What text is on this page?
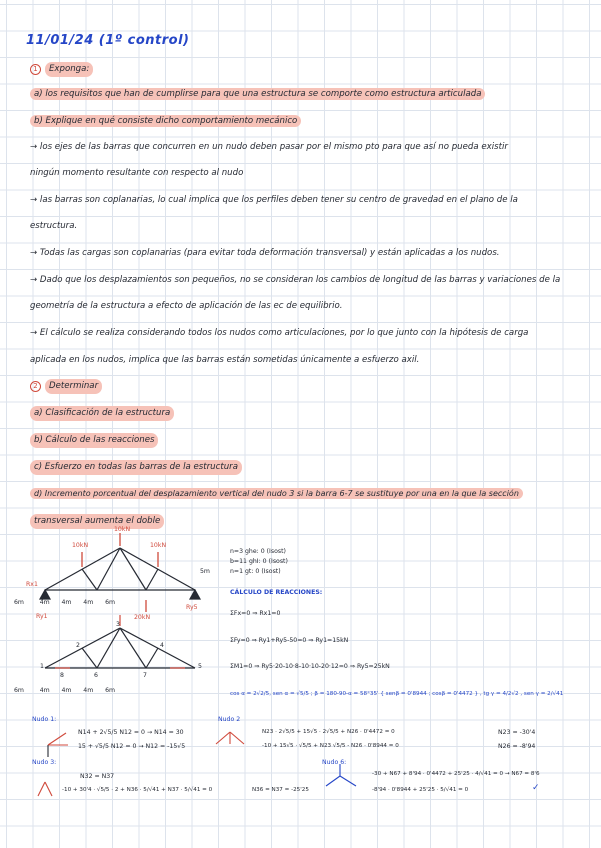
11/01/24 (1º control)
1 Exponga:
a) los requisitos que han de cumplirse para que una estructura se comporte como estructura articulada
b) Explique en qué consiste dicho comportamiento mecánico
→ los ejes de las barras que concurren en un nudo deben pasar por el mismo pto para que así no pueda existir
ningún momento resultante con respecto al nudo
→ las barras son coplanarias, lo cual implica que los perfiles deben tener su centro de gravedad en el plano de la
estructura.
→ Todas las cargas son coplanarias (para evitar toda deformación transversal) y están aplicadas a los nudos.
→ Dado que los desplazamientos son pequeños, no se consideran los cambios de longitud de las barras y variaciones de la
geometría de la estructura a efecto de aplicación de las ec de equilibrio.
→ El cálculo se realiza considerando todos los nudos como articulaciones, por lo que junto con la hipótesis de carga
aplicada en los nudos, implica que las barras están sometidas únicamente a esfuerzo axil.
2 Determinar
a) Clasificación de la estructura
b) Cálculo de las reacciones
c) Esfuerzo en todas las barras de la estructura
d) Incremento porcentual del desplazamiento vertical del nudo 3 si la barra 6-7 se sustituye por una en la que la sección
transversal aumenta el doble
6m	4m 4m 4m 6m
10kN
10kN
10kN
20kN
5m
Ry1
Ry5
Rx1
1
2
3
4
5
6	7
8
6m	4m 4m 4m 6m
n=3 ghe: 0 (Isost)
b=11 ghI: 0 (Isost)
n=1 gt: 0 (Isost)
CÁLCULO DE REACCIONES:
ΣFx=0 ⇒ Rx1=0
ΣFy=0 ⇒ Ry1+Ry5-50=0 ⇒ Ry1=15kN
ΣM1=0 ⇒ Ry5·20-10·8-10·10-20·12=0 ⇒ Ry5=25kN
cos α = 2√2/5, sen α = √5/5 ; β = 180-90-α = 58°35' { senβ = 0'8944 ; cosβ = 0'4472 } , tg γ = 4/2√2 , sen γ = 2/√41
Nudo 1:
N14 + 2√5/5 N12 = 0 → N14 = 30
15 + √5/5 N12 = 0 → N12 = -15√5
Nudo 2
N23 · 2√5/5 + 15√5 · 2√5/5 + N26 · 0'4472 = 0
-10 + 15√5 · √5/5 + N23 √5/5 - N26 · 0'8944 = 0
N23 = -30'4
N26 = -8'94
Nudo 3:
N32 = N37
-10 + 30'4 · √5/5 · 2 + N36 · 5/√41 + N37 · 5/√41 = 0	N36 = N37 = -25'25
Nudo 6:
-30 + N67 + 8'94 · 0'4472 + 25'25 · 4/√41 = 0 → N67 = 8'6
-8'94 · 0'8944 + 25'25 · 5/√41 = 0	✓
